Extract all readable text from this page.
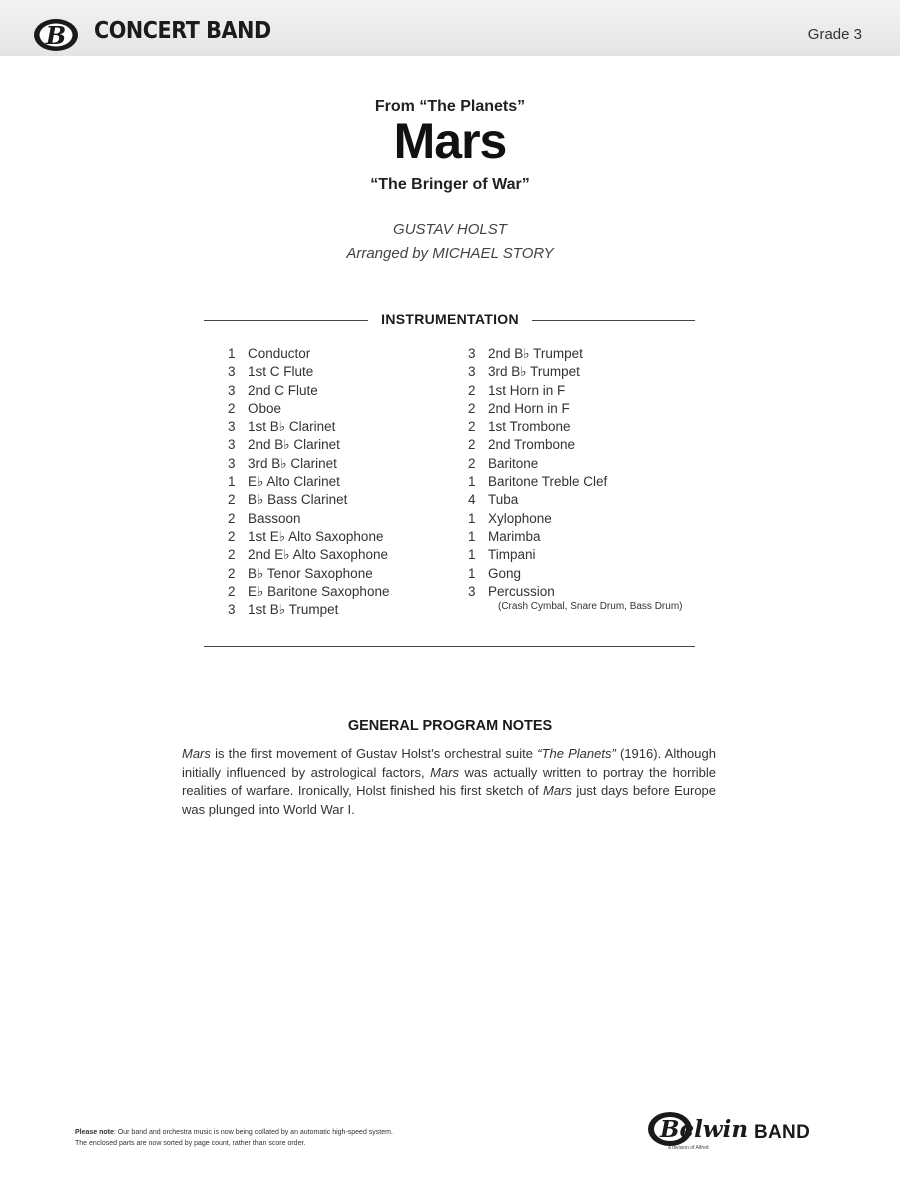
B CONCERT BAND	Grade 3
From “The Planets”
Mars
“The Bringer of War”
GUSTAV HOLST
Arranged by MICHAEL STORY
INSTRUMENTATION
1 Conductor
3 1st C Flute
3 2nd C Flute
2 Oboe
3 1st B♭ Clarinet
3 2nd B♭ Clarinet
3 3rd B♭ Clarinet
1 E♭ Alto Clarinet
2 B♭ Bass Clarinet
2 Bassoon
2 1st E♭ Alto Saxophone
2 2nd E♭ Alto Saxophone
2 B♭ Tenor Saxophone
2 E♭ Baritone Saxophone
3 1st B♭ Trumpet
3 2nd B♭ Trumpet
3 3rd B♭ Trumpet
2 1st Horn in F
2 2nd Horn in F
2 1st Trombone
2 2nd Trombone
2 Baritone
1 Baritone Treble Clef
4 Tuba
1 Xylophone
1 Marimba
1 Timpani
1 Gong
3 Percussion
(Crash Cymbal, Snare Drum, Bass Drum)
GENERAL PROGRAM NOTES

Mars is the first movement of Gustav Holst’s orchestral suite “The Planets” (1916). Although initially influenced by astrological factors, Mars was actually written to portray the horrible realities of warfare. Ironically, Holst finished his first sketch of Mars just days before Europe was plunged into World War I.

Please note: Our band and orchestra music is now being collated by an automatic high-speed system.
The enclosed parts are now sorted by page count, rather than score order.
Belwin BAND
a division of Alfred
